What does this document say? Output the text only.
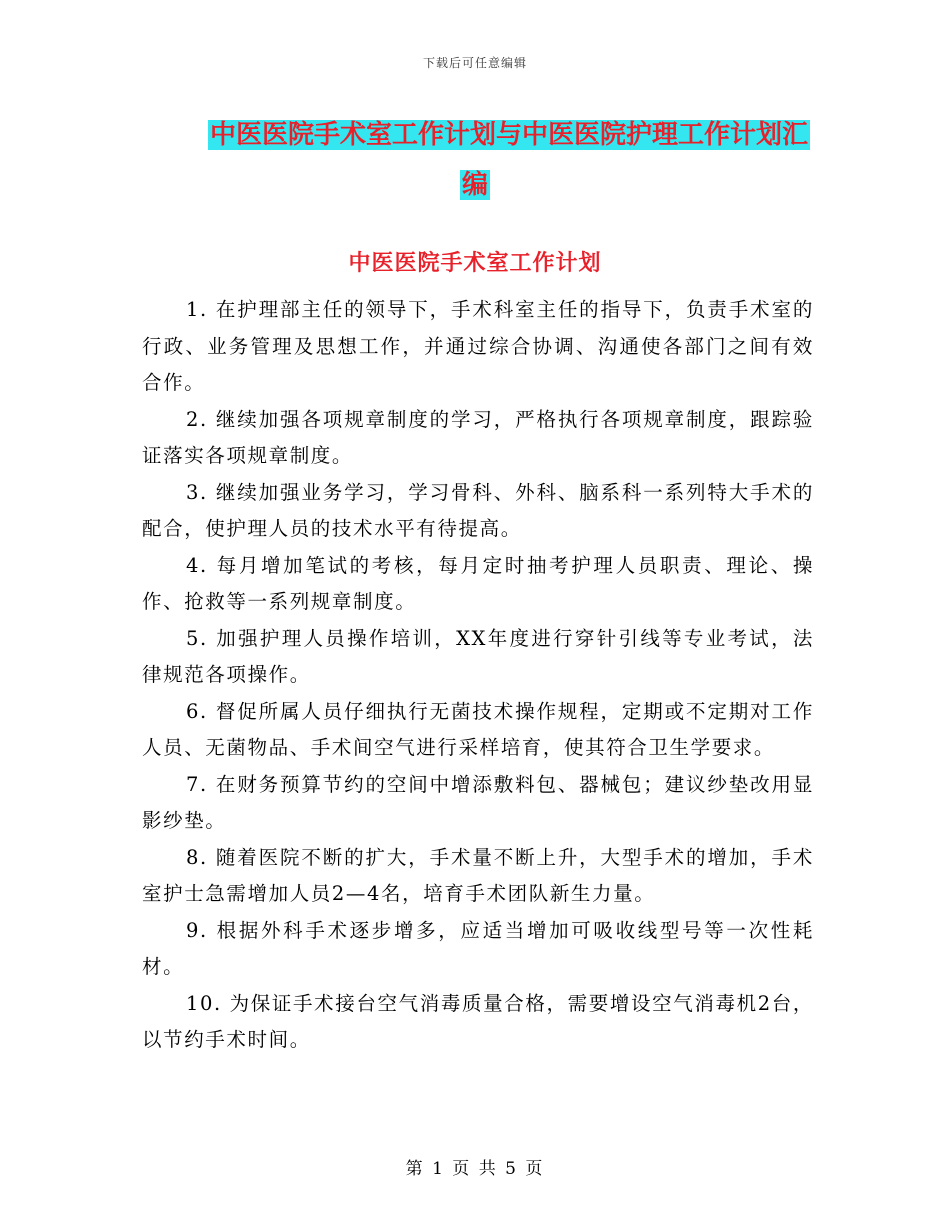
下载后可任意编辑
中医医院手术室工作计划与中医医院护理工作计划汇
编
中医医院手术室工作计划

1. 在护理部主任的领导下，手术科室主任的指导下，负责手术室的行政、业务管理及思想工作，并通过综合协调、沟通使各部门之间有效合作。

2. 继续加强各项规章制度的学习，严格执行各项规章制度，跟踪验证落实各项规章制度。

3. 继续加强业务学习，学习骨科、外科、脑系科一系列特大手术的配合，使护理人员的技术水平有待提高。

4. 每月增加笔试的考核，每月定时抽考护理人员职责、理论、操作、抢救等一系列规章制度。

5. 加强护理人员操作培训，XX年度进行穿针引线等专业考试，法律规范各项操作。

6. 督促所属人员仔细执行无菌技术操作规程，定期或不定期对工作人员、无菌物品、手术间空气进行采样培育，使其符合卫生学要求。

7. 在财务预算节约的空间中增添敷料包、器械包；建议纱垫改用显影纱垫。

8. 随着医院不断的扩大，手术量不断上升，大型手术的增加，手术室护士急需增加人员2—4名，培育手术团队新生力量。

9. 根据外科手术逐步增多，应适当增加可吸收线型号等一次性耗材。

10. 为保证手术接台空气消毒质量合格，需要增设空气消毒机2台，以节约手术时间。

第 1 页 共 5 页
